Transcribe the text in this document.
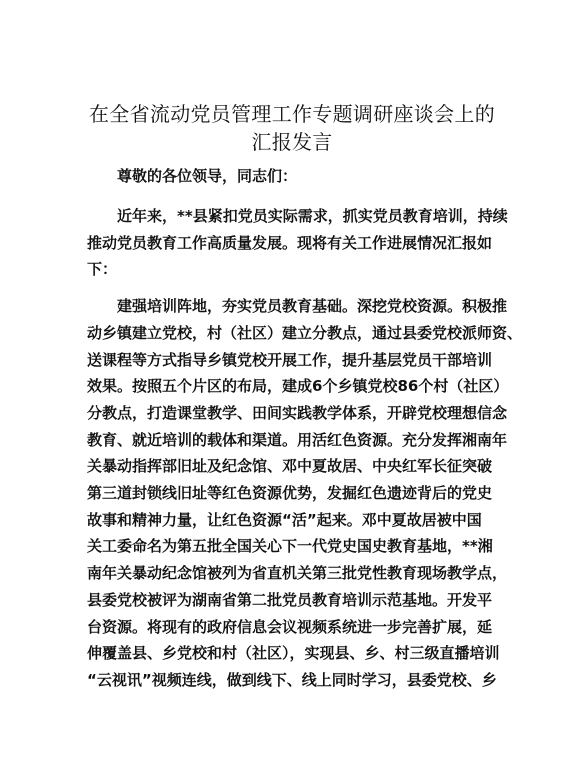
在全省流动党员管理工作专题调研座谈会上的
汇报发言

尊敬的各位领导，同志们：

近年来，**县紧扣党员实际需求，抓实党员教育培训，持续
推动党员教育工作高质量发展。现将有关工作进展情况汇报如
下：
建强培训阵地，夯实党员教育基础。深挖党校资源。积极推
动乡镇建立党校，村（社区）建立分教点，通过县委党校派师资、
送课程等方式指导乡镇党校开展工作，提升基层党员干部培训
效果。按照五个片区的布局，建成6个乡镇党校86个村（社区）
分教点，打造课堂教学、田间实践教学体系，开辟党校理想信念
教育、就近培训的载体和渠道。用活红色资源。充分发挥湘南年
关暴动指挥部旧址及纪念馆、邓中夏故居、中央红军长征突破
第三道封锁线旧址等红色资源优势，发掘红色遗迹背后的党史
故事和精神力量，让红色资源“活”起来。邓中夏故居被中国
关工委命名为第五批全国关心下一代党史国史教育基地，**湘
南年关暴动纪念馆被列为省直机关第三批党性教育现场教学点，
县委党校被评为湖南省第二批党员教育培训示范基地。开发平
台资源。将现有的政府信息会议视频系统进一步完善扩展，延
伸覆盖县、乡党校和村（社区），实现县、乡、村三级直播培训
“云视讯”视频连线，做到线下、线上同时学习，县委党校、乡
